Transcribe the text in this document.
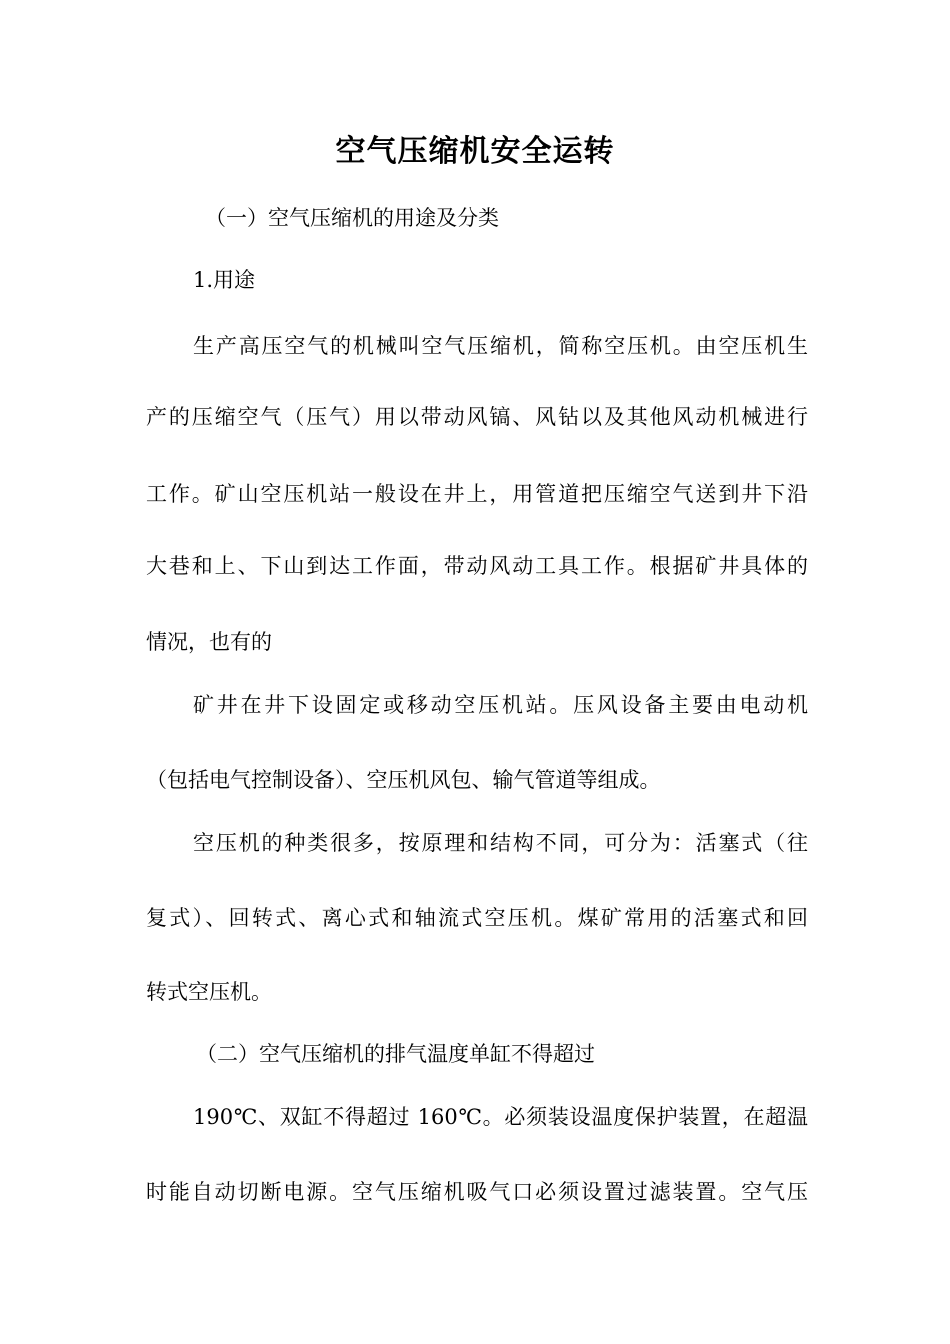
空气压缩机安全运转
（一）空气压缩机的用途及分类
1.用途
生产高压空气的机械叫空气压缩机，简称空压机。由空压机生
产的压缩空气（压气）用以带动风镐、风钻以及其他风动机械进行
工作。矿山空压机站一般设在井上，用管道把压缩空气送到井下沿
大巷和上、下山到达工作面，带动风动工具工作。根据矿井具体的
情况，也有的
矿井在井下设固定或移动空压机站。压风设备主要由电动机
（包括电气控制设备）、空压机风包、输气管道等组成。
空压机的种类很多，按原理和结构不同，可分为：活塞式（往
复式）、回转式、离心式和轴流式空压机。煤矿常用的活塞式和回
转式空压机。
（二）空气压缩机的排气温度单缸不得超过
190℃、双缸不得超过 160℃。必须装设温度保护装置，在超温
时能自动切断电源。空气压缩机吸气口必须设置过滤装置。空气压
